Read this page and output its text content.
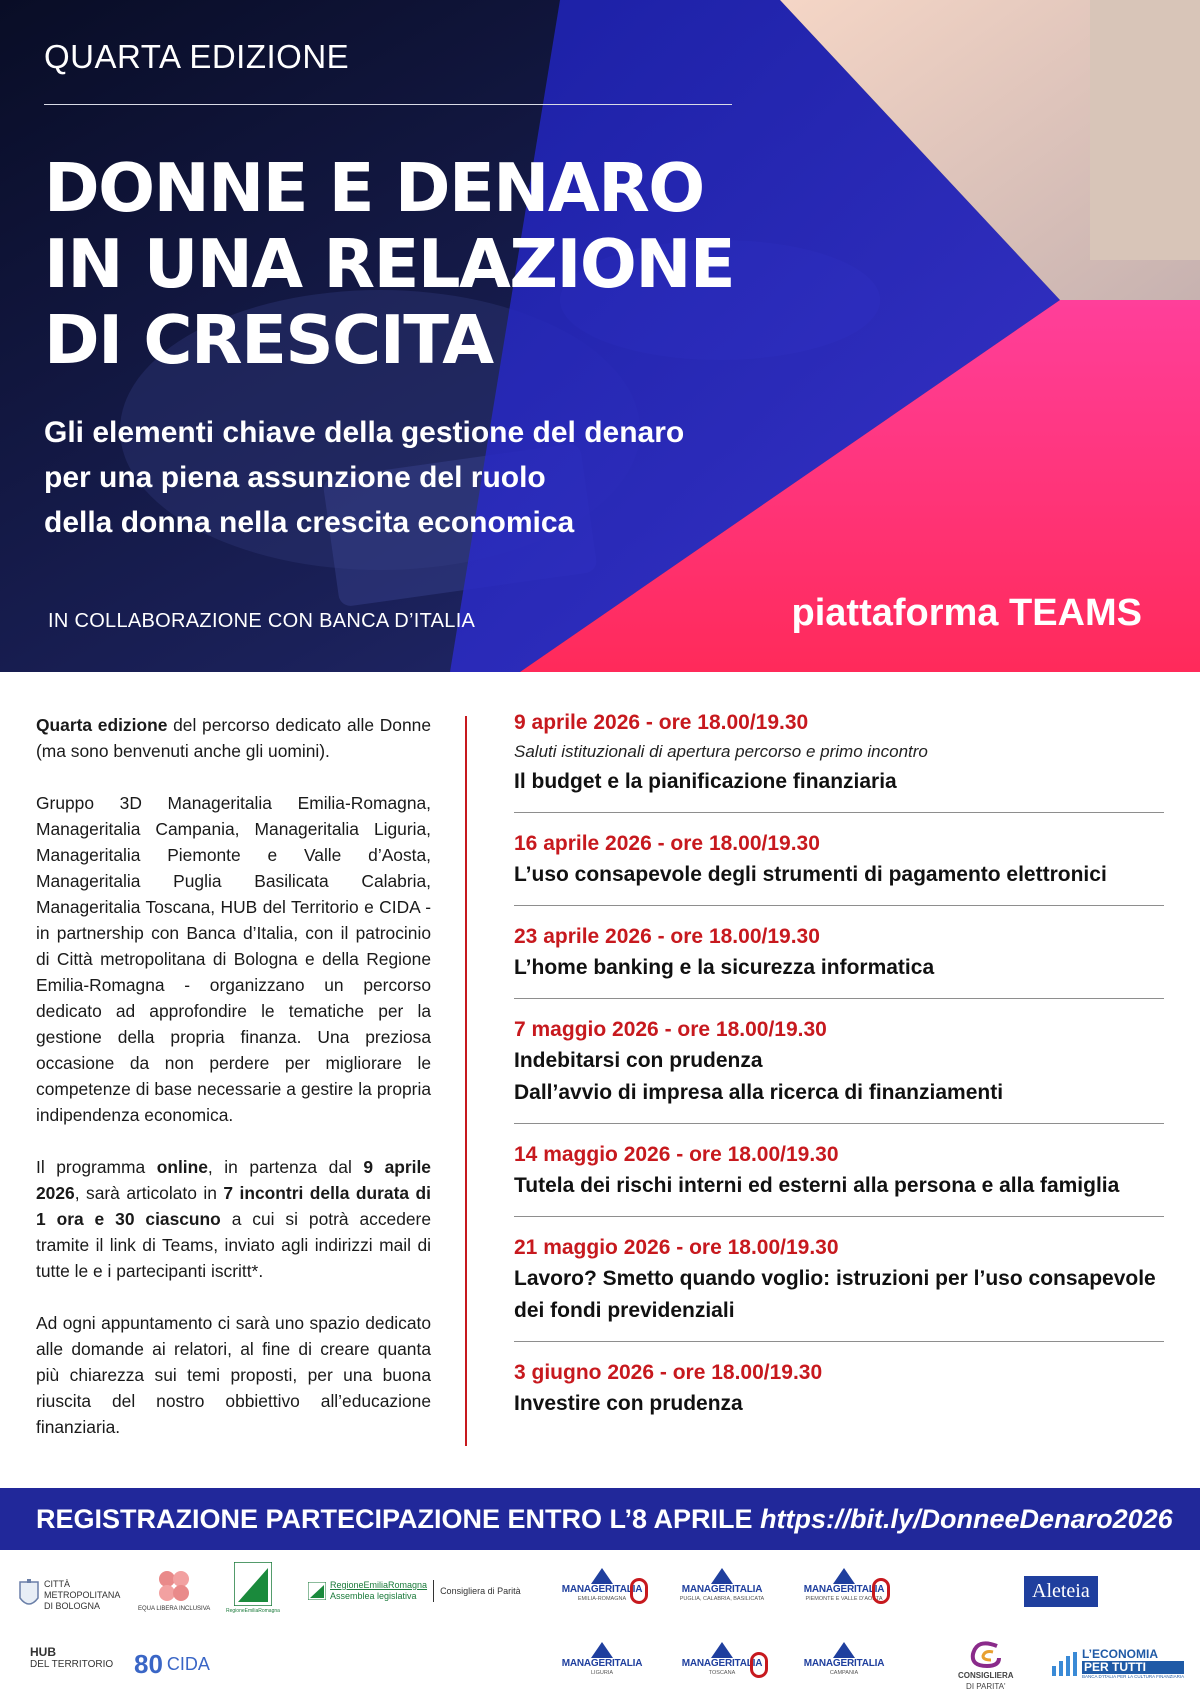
QUARTA EDIZIONE
DONNE E DENARO
IN UNA RELAZIONE
DI CRESCITA
Gli elementi chiave della gestione del denaro
per una piena assunzione del ruolo
della donna nella crescita economica
IN COLLABORAZIONE CON BANCA D’ITALIA	piattaforma TEAMS

Quarta edizione del percorso dedicato alle Donne (ma sono benvenuti anche gli uomini).

Gruppo 3D Manageritalia Emilia-Romagna, Manageritalia Campania, Manageritalia Liguria, Manageritalia Piemonte e Valle d’Aosta, Manageritalia Puglia Basilicata Calabria, Manageritalia Toscana, HUB del Territorio e CIDA - in partnership con Banca d’Italia, con il patrocinio di Città metropolitana di Bologna e della Regione Emilia-Romagna - organizzano un percorso dedicato ad approfondire le tematiche per la gestione della propria finanza. Una preziosa occasione da non perdere per migliorare le competenze di base necessarie a gestire la propria indipendenza economica.

Il programma online, in partenza dal 9 aprile 2026, sarà articolato in 7 incontri della durata di 1 ora e 30 ciascuno a cui si potrà accedere tramite il link di Teams, inviato agli indirizzi mail di tutte le e i partecipanti iscritt*.

Ad ogni appuntamento ci sarà uno spazio dedicato alle domande ai relatori, al fine di creare quanta più chiarezza sui temi proposti, per una buona riuscita del nostro obbiettivo all’educazione finanziaria.

9 aprile 2026 - ore 18.00/19.30
Saluti istituzionali di apertura percorso e primo incontro
Il budget e la pianificazione finanziaria
16 aprile 2026 - ore 18.00/19.30
L’uso consapevole degli strumenti di pagamento elettronici
23 aprile 2026 - ore 18.00/19.30
L’home banking e la sicurezza informatica
7 maggio 2026 - ore 18.00/19.30
Indebitarsi con prudenza
Dall’avvio di impresa alla ricerca di finanziamenti
14 maggio 2026 - ore 18.00/19.30
Tutela dei rischi interni ed esterni alla persona e alla famiglia
21 maggio 2026 - ore 18.00/19.30
Lavoro? Smetto quando voglio: istruzioni per l’uso consapevole dei fondi previdenziali
3 giugno 2026 - ore 18.00/19.30
Investire con prudenza
REGISTRAZIONE PARTECIPAZIONE ENTRO L’8 APRILE https://bit.ly/DonneeDenaro2026
CITTÀ METROPOLITANA DI BOLOGNA	EQUA LIBERA INCLUSIVA	RegioneEmiliaRomagna
RegioneEmiliaRomagna
Assemblea legislativa
Consigliera di Parità
HUB
DEL TERRITORIO 80 CIDA
MANAGERITALIA
EMILIA-ROMAGNA
MANAGERITALIA
PUGLIA, CALABRIA, BASILICATA
MANAGERITALIA
PIEMONTE E VALLE D’AOSTA
MANAGERITALIA
LIGURIA
MANAGERITALIA
TOSCANA
MANAGERITALIA
CAMPANIA
Aleteia
CONSIGLIERA
DI PARITA'
L’ECONOMIA
PER TUTTI
BANCA D’ITALIA PER LA CULTURA FINANZIARIA
